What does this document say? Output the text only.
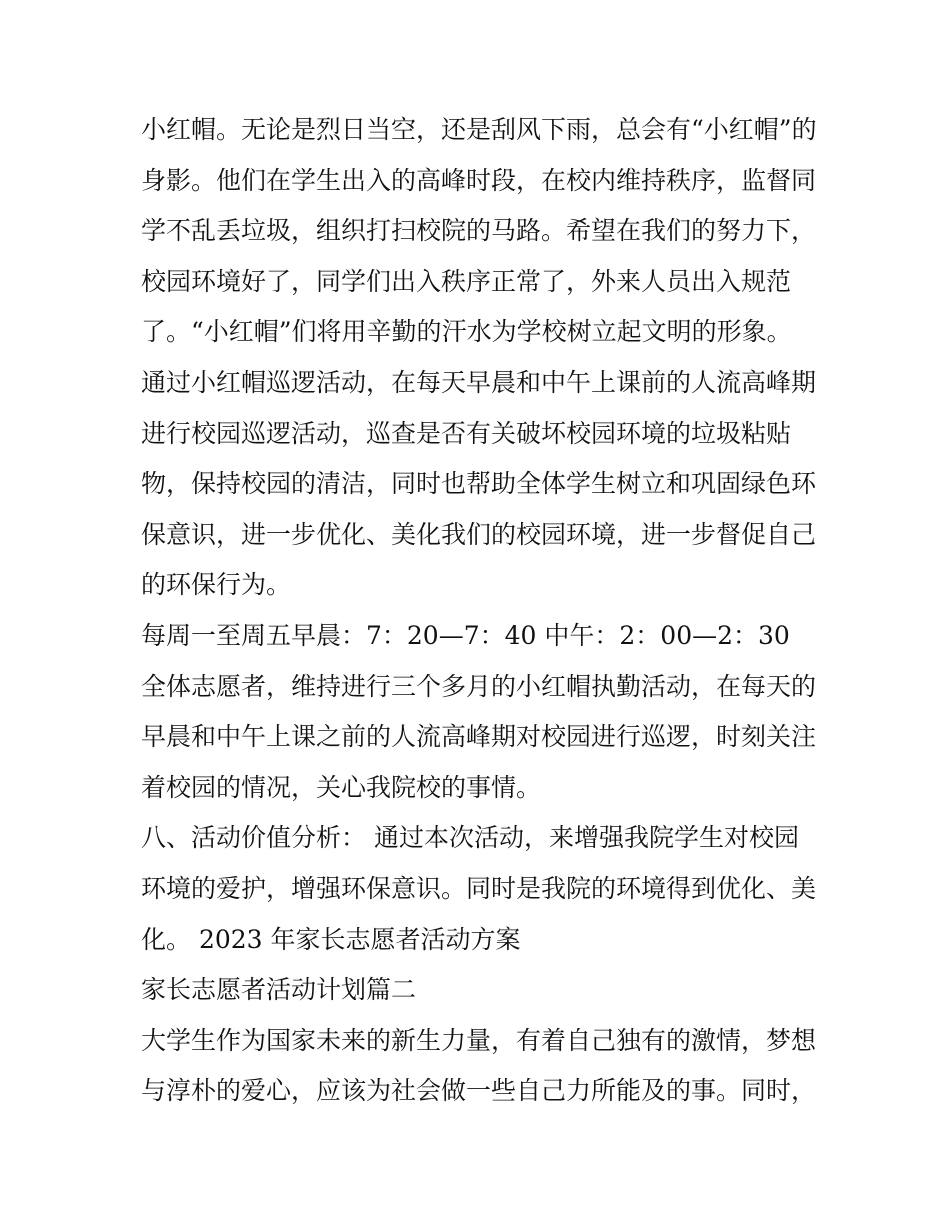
小红帽。无论是烈日当空，还是刮风下雨，总会有“小红帽”的
身影。他们在学生出入的高峰时段，在校内维持秩序，监督同
学不乱丢垃圾，组织打扫校院的马路。希望在我们的努力下，
校园环境好了，同学们出入秩序正常了，外来人员出入规范
了。“小红帽”们将用辛勤的汗水为学校树立起文明的形象。
通过小红帽巡逻活动，在每天早晨和中午上课前的人流高峰期
进行校园巡逻活动，巡查是否有关破坏校园环境的垃圾粘贴
物，保持校园的清洁，同时也帮助全体学生树立和巩固绿色环
保意识，进一步优化、美化我们的校园环境，进一步督促自己
的环保行为。
每周一至周五早晨：7：20—7：40 中午：2：00—2：30
全体志愿者，维持进行三个多月的小红帽执勤活动，在每天的
早晨和中午上课之前的人流高峰期对校园进行巡逻，时刻关注
着校园的情况，关心我院校的事情。
八、活动价值分析： 通过本次活动，来增强我院学生对校园
环境的爱护，增强环保意识。同时是我院的环境得到优化、美
化。 2023 年家长志愿者活动方案
家长志愿者活动计划篇二
大学生作为国家未来的新生力量，有着自己独有的激情，梦想
与淳朴的爱心，应该为社会做一些自己力所能及的事。同时，
